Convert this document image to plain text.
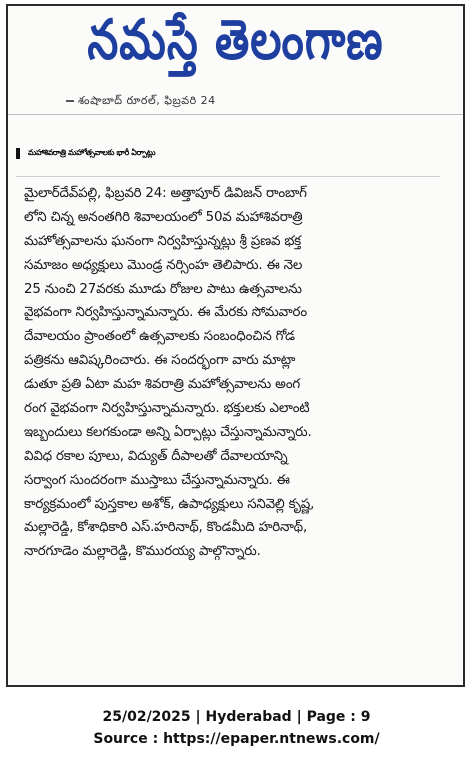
నమస్తే తెలంగాణ
శంషాబాద్ రూరల్, ఫిబ్రవరి 24
మహాశివరాత్రి మహోత్సవాలకు భారీ ఏర్పాట్లు
మైలార్‌దేవ్‌పల్లి, ఫిబ్రవరి 24: అత్తాపూర్ డివిజన్ రాంబాగ్
లోని చిన్న అనంతగిరి శివాలయంలో 50వ మహాశివరాత్రి
మహోత్సవాలను ఘనంగా నిర్వహిస్తున్నట్లు శ్రీ ప్రణవ భక్త
సమాజం అధ్యక్షులు మొండ్ర నర్సింహ తెలిపారు. ఈ నెల
25 నుంచి 27వరకు మూడు రోజుల పాటు ఉత్సవాలను
వైభవంగా నిర్వహిస్తున్నామన్నారు. ఈ మేరకు సోమవారం
దేవాలయం ప్రాంతంలో ఉత్సవాలకు సంబంధించిన గోడ
పత్రికను ఆవిష్కరించారు. ఈ సందర్భంగా వారు మాట్లా
డుతూ ప్రతి ఏటా మహ శివరాత్రి మహోత్సవాలను అంగ
రంగ వైభవంగా నిర్వహిస్తున్నామన్నారు. భక్తులకు ఎలాంటి
ఇబ్బందులు కలగకుండా అన్ని ఏర్పాట్లు చేస్తున్నామన్నారు.
వివిధ రకాల పూలు, విద్యుత్ దీపాలతో దేవాలయాన్ని
సర్వాంగ సుందరంగా ముస్తాబు చేస్తున్నామన్నారు. ఈ
కార్యక్రమంలో పుస్తకాల అశోక్, ఉపాధ్యక్షులు సనివెల్లి కృష్ణ,
మల్లారెడ్డి, కోశాధికారి ఎస్.హరినాథ్, కొండమీది హరినాథ్,
నారగూడెం మల్లారెడ్డి, కొమురయ్య పాల్గొన్నారు.
25/02/2025 | Hyderabad | Page : 9
Source : https://epaper.ntnews.com/
